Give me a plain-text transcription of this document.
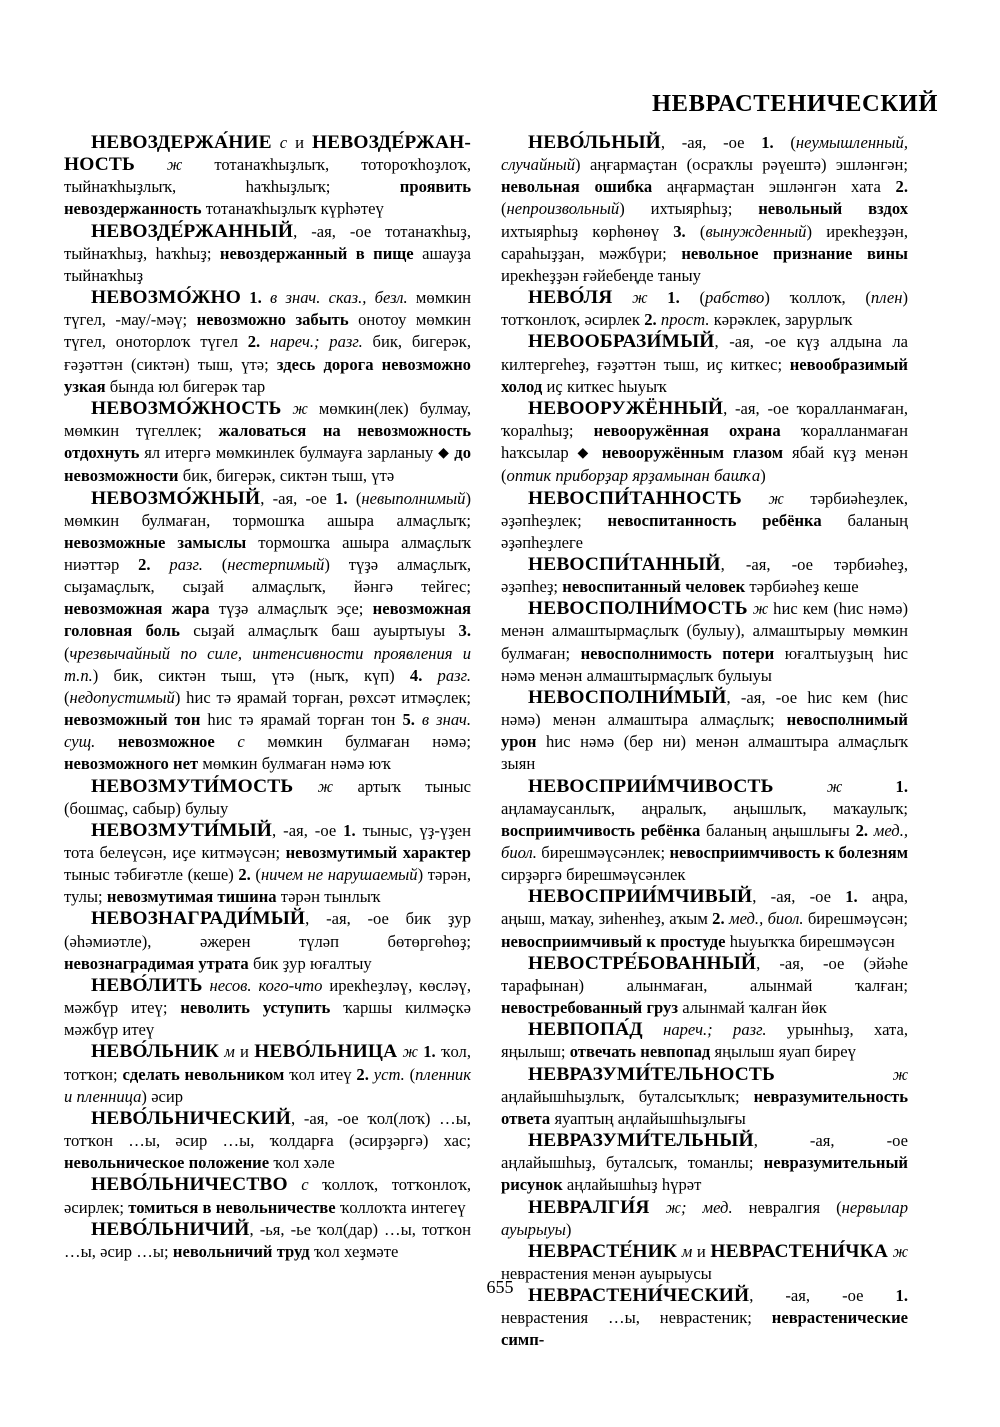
НЕВРАСТЕНИЧЕСКИЙ

НЕВОЗДЕРЖА́НИЕ с и НЕВОЗДЕ́РЖАН-НОСТЬ ж тотанаҡһыҙлыҡ, тотороҡһоҙлоҡ, тыйнаҡһыҙлыҡ, һаҡһыҙлыҡ; проявить невоздержанность тотанаҡһыҙлыҡ күрһәтеү

НЕВОЗДЕ́РЖАННЫЙ, -ая, -ое тотанаҡһыҙ, тыйнаҡһыҙ, һаҡһыҙ; невоздержанный в пище ашауҙа тыйнаҡһыҙ

НЕВОЗМО́ЖНО 1. в знач. сказ., безл. мөмкин түгел, -мау/-мәү; невозможно забыть онотоу мөмкин түгел, оноторлоҡ түгел 2. нареч.; разг. бик, бигерәк, ғәҙәттән (сиктән) тыш, үтә; здесь дорога невозможно узкая бында юл бигерәк тар

НЕВОЗМО́ЖНОСТЬ ж мөмкин(лек) булмау, мөмкин түгеллек; жаловаться на невозможность отдохнуть ял итергә мөмкинлек булмауға зарланыу ◆ до невозможности бик, бигерәк, сиктән тыш, үтә

НЕВОЗМО́ЖНЫЙ, -ая, -ое 1. (невыполнимый) мөмкин булмаған, тормошҡа ашыра алмаҫлыҡ; невозможные замыслы тормошҡа ашыра алмаҫлыҡ ниәттәр 2. разг. (нестерпимый) түҙә алмаҫлыҡ, сыҙамаҫлыҡ, сыҙай алмаҫлыҡ, йәнгә тейгес; невозможная жара түҙә алмаҫлыҡ эҫе; невозможная головная боль сыҙай алмаҫлыҡ баш ауыртыуы 3. (чрезвычайный по силе, интенсивности проявления и т.п.) бик, сиктән тыш, үтә (ныҡ, күп) 4. разг. (недопустимый) һис тә ярамай торған, рөхсәт итмәҫлек; невозможный тон һис тә ярамай торған тон 5. в знач. сущ. невозможное с мөмкин булмаған нәмә; невозможного нет мөмкин булмаған нәмә юҡ

НЕВОЗМУТИ́МОСТЬ ж артыҡ тыныс (бошмаҫ, сабыр) булыу

НЕВОЗМУТИ́МЫЙ, -ая, -ое 1. тыныс, үҙ-үҙен тота белеүсән, иҫе китмәүсән; невозмутимый характер тыныс тәбиғәтле (кеше) 2. (ничем не нарушаемый) тәрән, тулы; невозмутимая тишина тәрән тынлыҡ

НЕВОЗНАГРАДИ́МЫЙ, -ая, -ое бик ҙур (әһәмиәтле), әжерен түләп бөтөргөһөҙ; невознаградимая утрата бик ҙур юғалтыу

НЕВО́ЛИТЬ несов. кого-что ирекһеҙләү, көсләү, мәжбүр итеү; неволить уступить ҡаршы килмәҫкә мәжбүр итеү

НЕВО́ЛЬНИК м и НЕВО́ЛЬНИЦА ж 1. ҡол, тотҡон; сделать невольником ҡол итеү 2. уст. (пленник и пленница) әсир

НЕВО́ЛЬНИЧЕСКИЙ, -ая, -ое ҡол(лоҡ) …ы, тотҡон …ы, әсир …ы, ҡолдарға (әсирҙәргә) хас; невольническое положение ҡол хәле

НЕВО́ЛЬНИЧЕСТВО с ҡоллоҡ, тотҡонлоҡ, әсирлек; томиться в невольничестве ҡоллоҡта интегеү

НЕВО́ЛЬНИЧИЙ, -ья, -ье ҡол(дар) …ы, тотҡон …ы, әсир …ы; невольничий труд ҡол хеҙмәте

НЕВО́ЛЬНЫЙ, -ая, -ое 1. (неумышленный, случайный) аңғармаҫтан (осраҡлы рәүештә) эшләнгән; невольная ошибка аңғармаҫтан эшләнгән хата 2. (непроизвольный) ихтыярһыҙ; невольный вздох ихтыярһыҙ көрһөнөү 3. (вынужденный) ирекһеҙҙән, сараһыҙҙан, мәжбүри; невольное признание вины ирекһеҙҙән ғәйебеңде таныу

НЕВО́ЛЯ ж 1. (рабство) ҡоллоҡ, (плен) тотҡонлоҡ, әсирлек 2. прост. кәрәклек, зарурлыҡ

НЕВООБРАЗИ́МЫЙ, -ая, -ое күҙ алдына ла килтергеһеҙ, ғәҙәттән тыш, иҫ киткес; невообразимый холод иҫ киткес һыуыҡ

НЕВООРУЖЁННЫЙ, -ая, -ое ҡоралланмаған, ҡоралһыҙ; невооружённая охрана ҡоралланмаған һаҡсылар ◆ невооружённым глазом ябай күҙ менән (оптик приборҙар ярҙамынан башҡа)

НЕВОСПИ́ТАННОСТЬ ж тәрбиәһеҙлек, әҙәпһеҙлек; невоспитанность ребёнка баланың әҙәпһеҙлеге

НЕВОСПИ́ТАННЫЙ, -ая, -ое тәрбиәһеҙ, әҙәпһеҙ; невоспитанный человек тәрбиәһеҙ кеше

НЕВОСПОЛНИ́МОСТЬ ж һис кем (һис нәмә) менән алмаштырмаҫлыҡ (булыу), алмаштырыу мөмкин булмаған; невосполнимость потери юғалтыуҙың һис нәмә менән алмаштырмаҫлыҡ булыуы

НЕВОСПОЛНИ́МЫЙ, -ая, -ое һис кем (һис нәмә) менән алмаштыра алмаҫлыҡ; невосполнимый урон һис нәмә (бер ни) менән алмаштыра алмаҫлыҡ зыян

НЕВОСПРИИ́МЧИВОСТЬ	ж	1. аңламаусанлыҡ, аңралыҡ, аңышлыҡ, маҡаулыҡ; восприимчивость ребёнка баланың аңышлығы 2. мед., биол. бирешмәүсәнлек; невосприимчивость к болезням сирҙәргә бирешмәүсәнлек

НЕВОСПРИИ́МЧИВЫЙ, -ая, -ое 1. аңра, аңыш, маҡау, зиһенһеҙ, аҡым 2. мед., биол. бирешмәүсән; невосприимчивый к простуде һыуыҡҡа бирешмәүсән

НЕВОСТРЕ́БОВАННЫЙ, -ая, -ое (эйәһе тарафынан) алынмаған, алынмай ҡалған; невостребованный груз алынмай ҡалған йөк

НЕВПОПА́Д нареч.; разг. урынһыҙ, хата, яңылыш; отвечать невпопад яңылыш яуап биреү

НЕВРАЗУМИ́ТЕЛЬНОСТЬ	ж аңлайышһыҙлыҡ, буталсыҡлыҡ; невразумительность ответа яуаптың аңлайышһыҙлығы

НЕВРАЗУМИ́ТЕЛЬНЫЙ, -ая, -ое аңлайышһыҙ, буталсыҡ, томанлы; невразумительный рисунок аңлайышһыҙ һүрәт

НЕВРАЛГИ́Я ж; мед. невралгия (нервылар ауырыуы)

НЕВРАСТЕ́НИК м и НЕВРАСТЕНИ́ЧКА ж неврастения менән ауырыусы

НЕВРАСТЕНИ́ЧЕСКИЙ, -ая, -ое 1. неврастения …ы, неврастеник; неврастенические симп-

655
